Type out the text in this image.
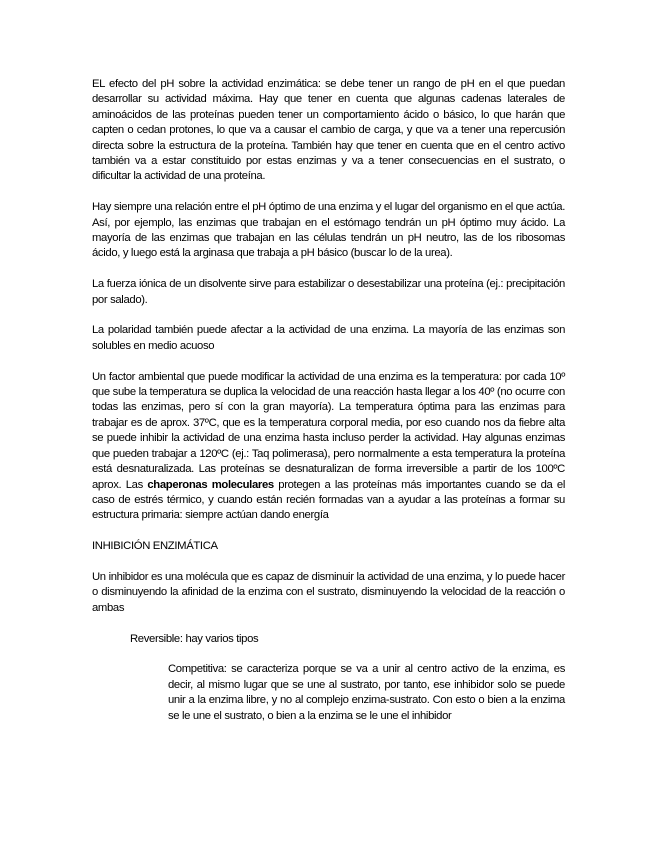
EL efecto del pH sobre la actividad enzimática: se debe tener un rango de pH en el que puedan desarrollar su actividad máxima. Hay que tener en cuenta que algunas cadenas laterales de aminoácidos de las proteínas pueden tener un comportamiento ácido o básico, lo que harán que capten o cedan protones, lo que va a causar el cambio de carga, y que va a tener una repercusión directa sobre la estructura de la proteína. También hay que tener en cuenta que en el centro activo también va a estar constituido por estas enzimas y va a tener consecuencias en el sustrato, o dificultar la actividad de una proteína.

Hay siempre una relación entre el pH óptimo de una enzima y el lugar del organismo en el que actúa. Así, por ejemplo, las enzimas que trabajan en el estómago tendrán un pH óptimo muy ácido. La mayoría de las enzimas que trabajan en las células tendrán un pH neutro, las de los ribosomas ácido, y luego está la arginasa que trabaja a pH básico (buscar lo de la urea).

La fuerza iónica de un disolvente sirve para estabilizar o desestabilizar una proteína (ej.: precipitación por salado).

La polaridad también puede afectar a la actividad de una enzima. La mayoría de las enzimas son solubles en medio acuoso

Un factor ambiental que puede modificar la actividad de una enzima es la temperatura: por cada 10º que sube la temperatura se duplica la velocidad de una reacción hasta llegar a los 40º (no ocurre con todas las enzimas, pero sí con la gran mayoría). La temperatura óptima para las enzimas para trabajar es de aprox. 37ºC, que es la temperatura corporal media, por eso cuando nos da fiebre alta se puede inhibir la actividad de una enzima hasta incluso perder la actividad. Hay algunas enzimas que pueden trabajar a 120ºC (ej.: Taq polimerasa), pero normalmente a esta temperatura la proteína está desnaturalizada. Las proteínas se desnaturalizan de forma irreversible a partir de los 100ºC aprox. Las chaperonas moleculares protegen a las proteínas más importantes cuando se da el caso de estrés térmico, y cuando están recién formadas van a ayudar a las proteínas a formar su estructura primaria: siempre actúan dando energía

INHIBICIÓN ENZIMÁTICA

Un inhibidor es una molécula que es capaz de disminuir la actividad de una enzima, y lo puede hacer o disminuyendo la afinidad de la enzima con el sustrato, disminuyendo la velocidad de la reacción o ambas

Reversible: hay varios tipos

Competitiva: se caracteriza porque se va a unir al centro activo de la enzima, es decir, al mismo lugar que se une al sustrato, por tanto, ese inhibidor solo se puede unir a la enzima libre, y no al complejo enzima-sustrato. Con esto o bien a la enzima se le une el sustrato, o bien a la enzima se le une el inhibidor
